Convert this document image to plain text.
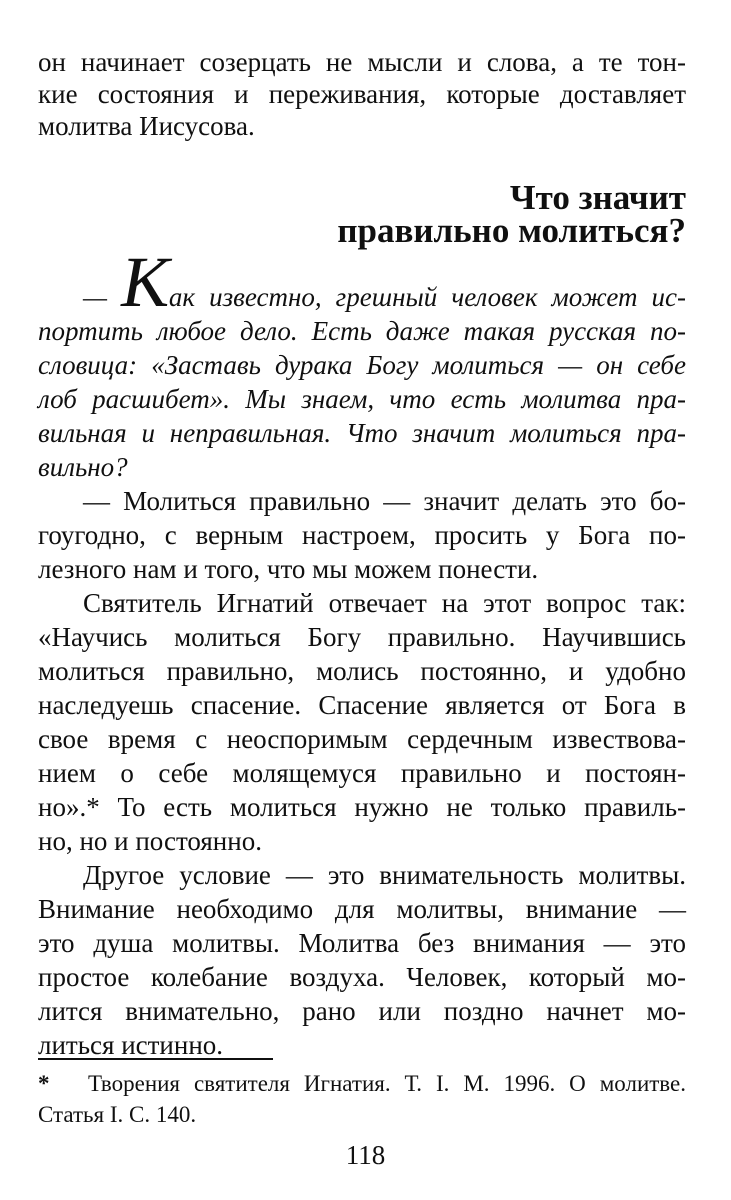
он начинает созерцать не мысли и слова, а те тон-
кие состояния и переживания, которые доставляет
молитва Иисусова.
Что значит
правильно молиться?
— Как известно, грешный человек может ис-
портить любое дело. Есть даже такая русская по-
словица: «Заставь дурака Богу молиться — он себе
лоб расшибет». Мы знаем, что есть молитва пра-
вильная и неправильная. Что значит молиться пра-
вильно?
— Молиться правильно — значит делать это бо-
гоугодно, с верным настроем, просить у Бога по-
лезного нам и того, что мы можем понести.
Святитель Игнатий отвечает на этот вопрос так:
«Научись молиться Богу правильно. Научившись
молиться правильно, молись постоянно, и удобно
наследуешь спасение. Спасение является от Бога в
свое время с неоспоримым сердечным извествова-
нием о себе молящемуся правильно и постоян-
но».* То есть молиться нужно не только правиль-
но, но и постоянно.
Другое условие — это внимательность молитвы.
Внимание необходимо для молитвы, внимание —
это душа молитвы. Молитва без внимания — это
простое колебание воздуха. Человек, который мо-
лится внимательно, рано или поздно начнет мо-
литься истинно.
* Творения святителя Игнатия. Т. I. М. 1996. О молитве.
Статья I. С. 140.
118
